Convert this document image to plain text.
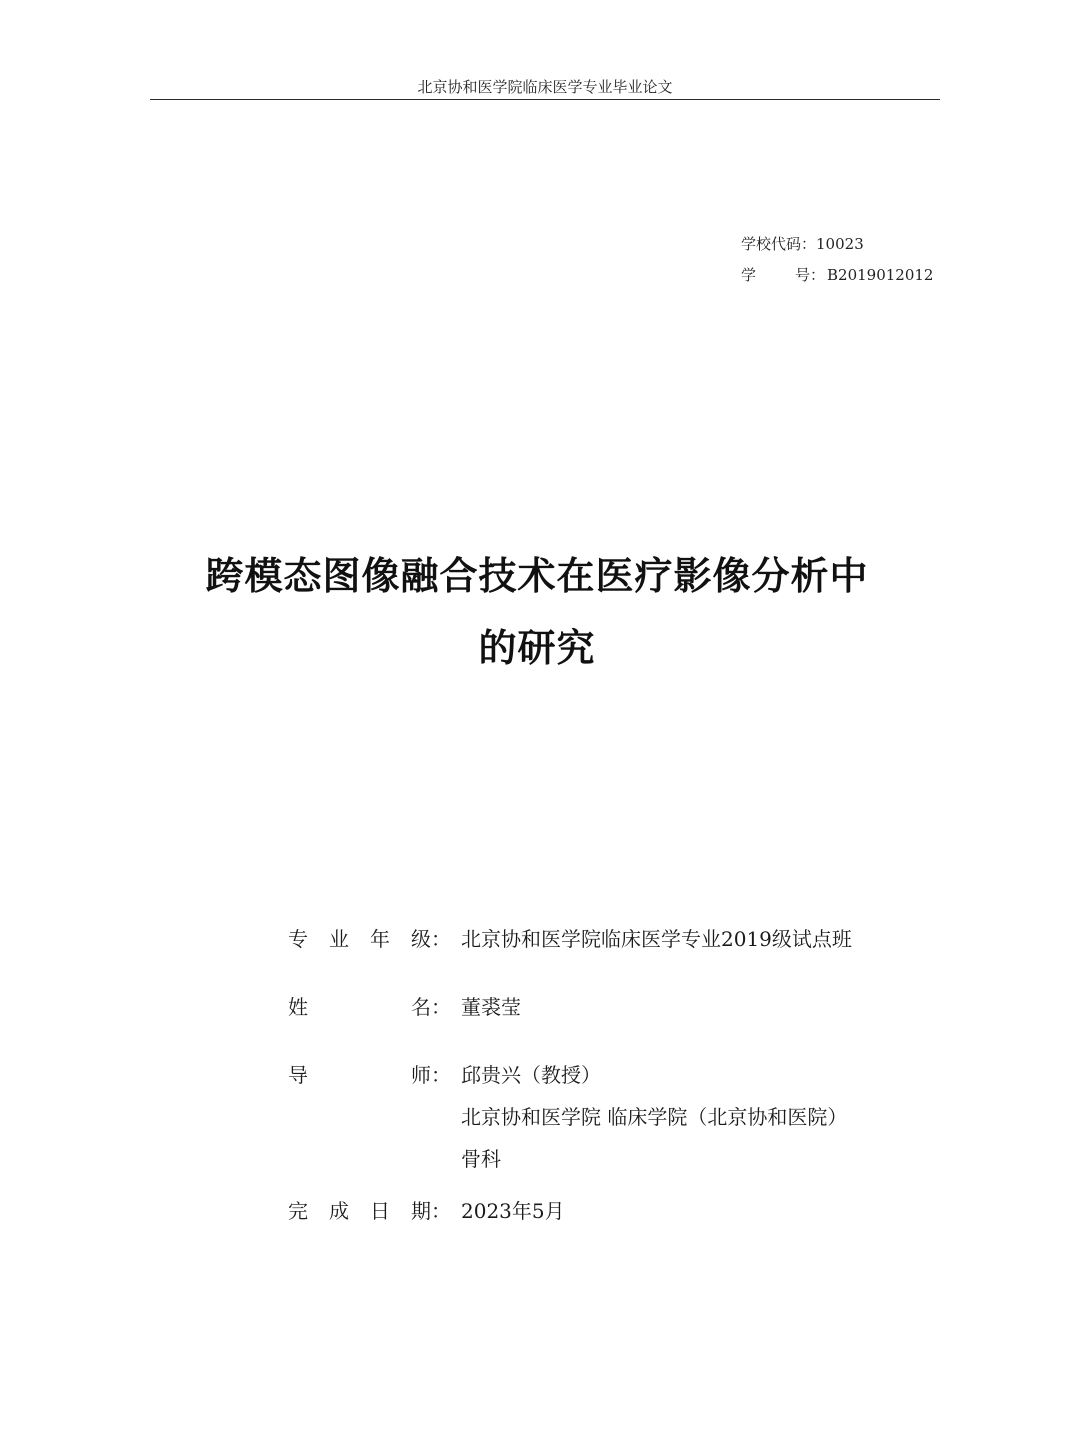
北京协和医学院临床医学专业毕业论文
学校代码： 10023
学	号： B2019012012
跨模态图像融合技术在医疗影像分析中
的研究
专 业 年 级 ： 北京协和医学院临床医学专业2019级试点班
姓	名 ： 董裘莹
导	师 ： 邱贵兴（教授）
北京协和医学院 临床学院（北京协和医院）
骨科
完 成 日 期 ： 2023年5月
